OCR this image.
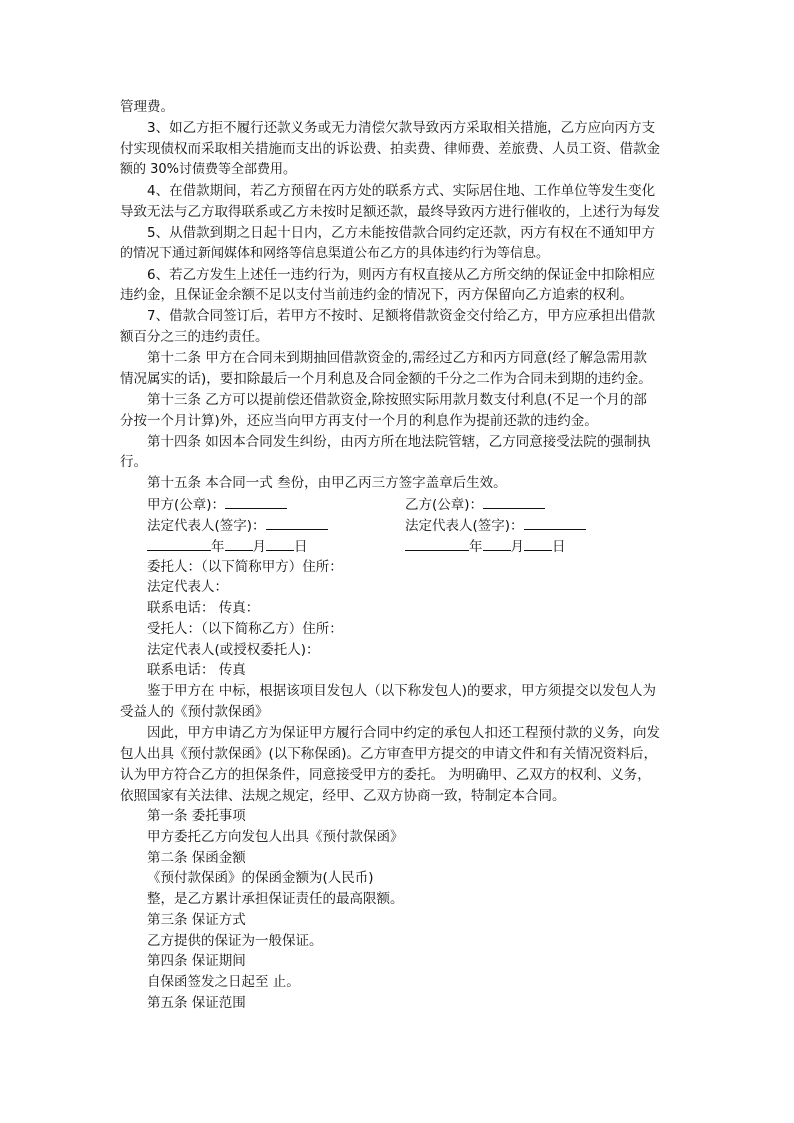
管理费。
3、如乙方拒不履行还款义务或无力清偿欠款导致丙方采取相关措施，乙方应向丙方支
付实现债权而采取相关措施而支出的诉讼费、拍卖费、律师费、差旅费、人员工资、借款金
额的 30%讨债费等全部费用。
4、在借款期间，若乙方预留在丙方处的联系方式、实际居住地、工作单位等发生变化
导致无法与乙方取得联系或乙方未按时足额还款，最终导致丙方进行催收的，上述行为每发
5、从借款到期之日起十日内，乙方未能按借款合同约定还款，丙方有权在不通知甲方
的情况下通过新闻媒体和网络等信息渠道公布乙方的具体违约行为等信息。
6、若乙方发生上述任一违约行为，则丙方有权直接从乙方所交纳的保证金中扣除相应
违约金，且保证金余额不足以支付当前违约金的情况下，丙方保留向乙方追索的权利。
7、借款合同签订后，若甲方不按时、足额将借款资金交付给乙方，甲方应承担出借款
额百分之三的违约责任。
第十二条 甲方在合同未到期抽回借款资金的,需经过乙方和丙方同意(经了解急需用款
情况属实的话)，要扣除最后一个月利息及合同金额的千分之二作为合同未到期的违约金。
第十三条 乙方可以提前偿还借款资金,除按照实际用款月数支付利息(不足一个月的部
分按一个月计算)外，还应当向甲方再支付一个月的利息作为提前还款的违约金。
第十四条 如因本合同发生纠纷，由丙方所在地法院管辖，乙方同意接受法院的强制执
行。
第十五条 本合同一式 叁份，由甲乙丙三方签字盖章后生效。
甲方(公章)：	乙方(公章)：
法定代表人(签字)：	法定代表人(签字)：
年 月 日	年 月 日
委托人：（以下简称甲方）住所：
法定代表人：
联系电话： 传真：
受托人：（以下简称乙方）住所：
法定代表人(或授权委托人)：
联系电话： 传真
鉴于甲方在 中标，根据该项目发包人（以下称发包人)的要求，甲方须提交以发包人为
受益人的《预付款保函》
因此，甲方申请乙方为保证甲方履行合同中约定的承包人扣还工程预付款的义务，向发
包人出具《预付款保函》(以下称保函)。乙方审查甲方提交的申请文件和有关情况资料后，
认为甲方符合乙方的担保条件，同意接受甲方的委托。 为明确甲、乙双方的权利、义务，
依照国家有关法律、法规之规定，经甲、乙双方协商一致，特制定本合同。
第一条 委托事项
甲方委托乙方向发包人出具《预付款保函》
第二条 保函金额
《预付款保函》的保函金额为(人民币)
整，是乙方累计承担保证责任的最高限额。
第三条 保证方式
乙方提供的保证为一般保证。
第四条 保证期间
自保函签发之日起至 止。
第五条 保证范围
